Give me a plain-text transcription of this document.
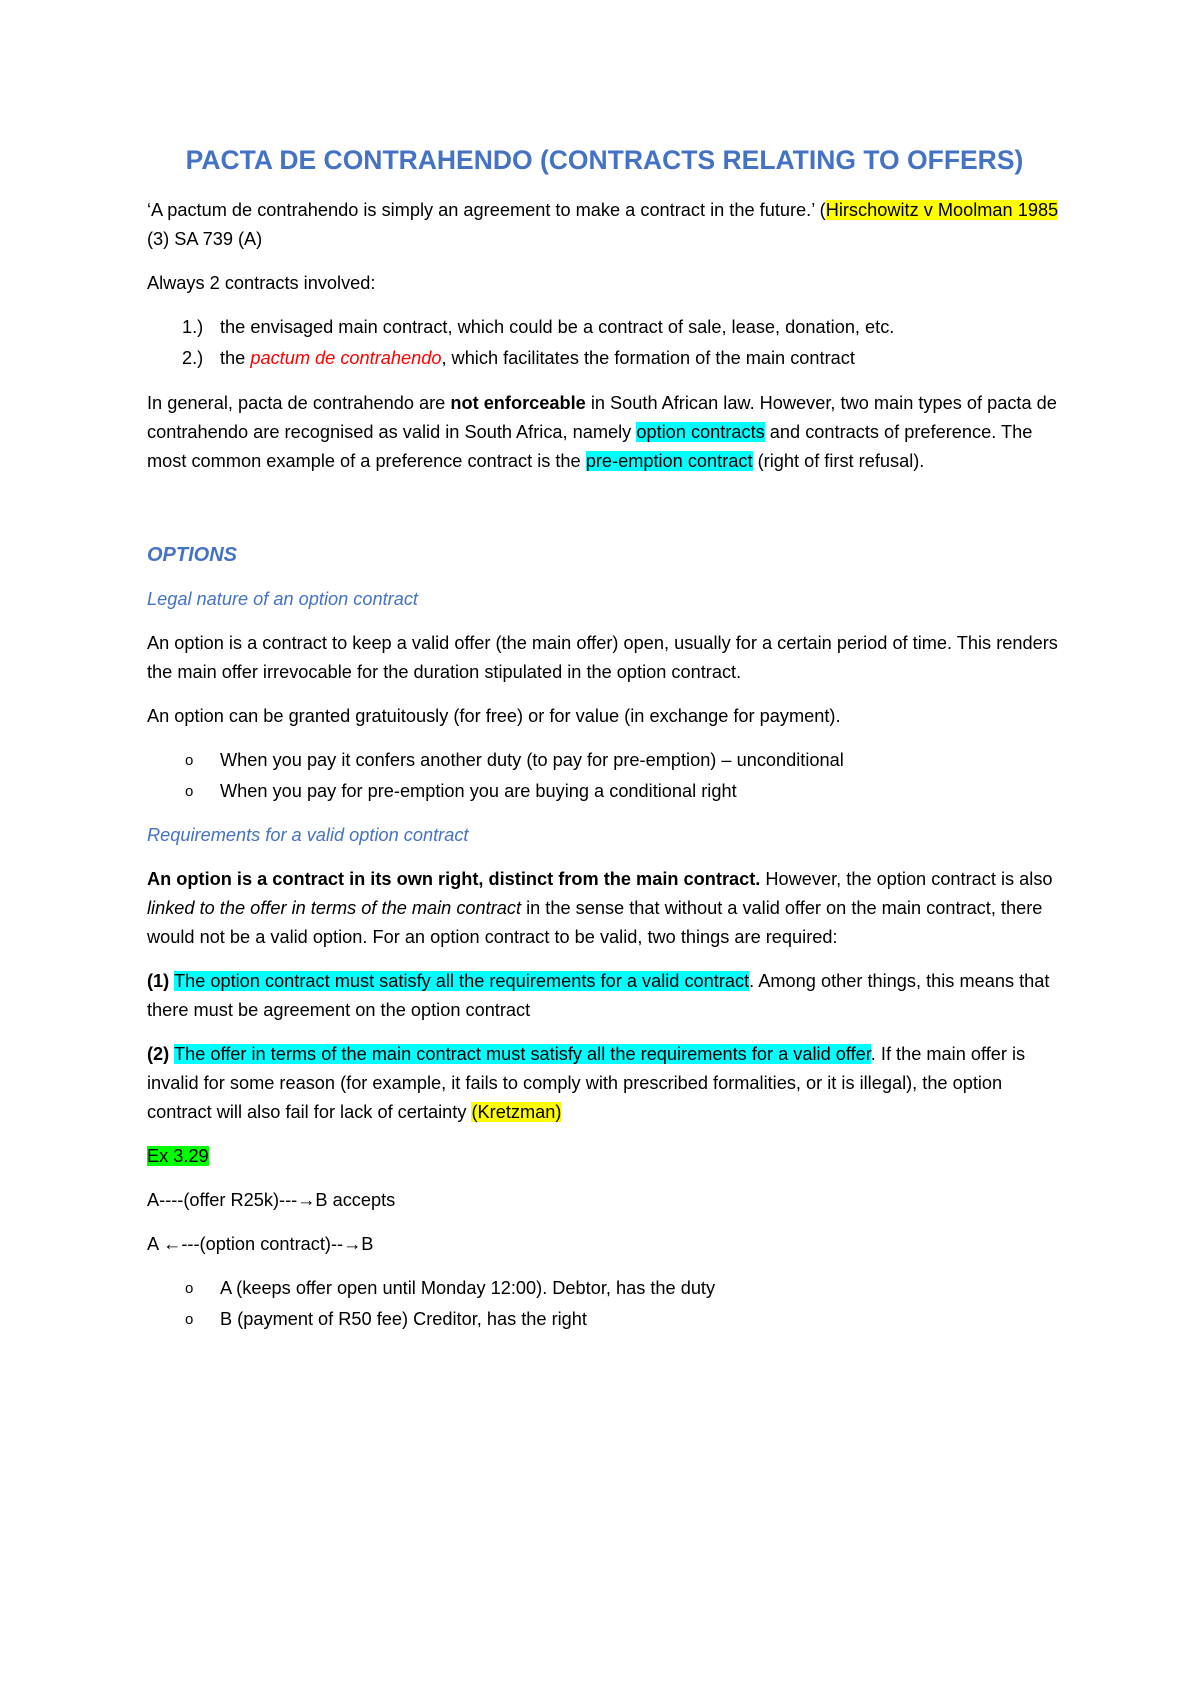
PACTA DE CONTRAHENDO (CONTRACTS RELATING TO OFFERS)

‘A pactum de contrahendo is simply an agreement to make a contract in the future.’ (Hirschowitz v Moolman 1985 (3) SA 739 (A)

Always 2 contracts involved:

1.) the envisaged main contract, which could be a contract of sale, lease, donation, etc.
2.) the pactum de contrahendo, which facilitates the formation of the main contract

In general, pacta de contrahendo are not enforceable in South African law. However, two main types of pacta de contrahendo are recognised as valid in South Africa, namely option contracts and contracts of preference. The most common example of a preference contract is the pre-emption contract (right of first refusal).

OPTIONS
Legal nature of an option contract

An option is a contract to keep a valid offer (the main offer) open, usually for a certain period of time. This renders the main offer irrevocable for the duration stipulated in the option contract.

An option can be granted gratuitously (for free) or for value (in exchange for payment).

o When you pay it confers another duty (to pay for pre-emption) – unconditional
o When you pay for pre-emption you are buying a conditional right
Requirements for a valid option contract

An option is a contract in its own right, distinct from the main contract. However, the option contract is also linked to the offer in terms of the main contract in the sense that without a valid offer on the main contract, there would not be a valid option. For an option contract to be valid, two things are required:

(1) The option contract must satisfy all the requirements for a valid contract. Among other things, this means that there must be agreement on the option contract

(2) The offer in terms of the main contract must satisfy all the requirements for a valid offer. If the main offer is invalid for some reason (for example, it fails to comply with prescribed formalities, or it is illegal), the option contract will also fail for lack of certainty (Kretzman)

Ex 3.29

A----(offer R25k)---→B accepts

A ←---(option contract)--→B

o A (keeps offer open until Monday 12:00). Debtor, has the duty
o B (payment of R50 fee) Creditor, has the right
